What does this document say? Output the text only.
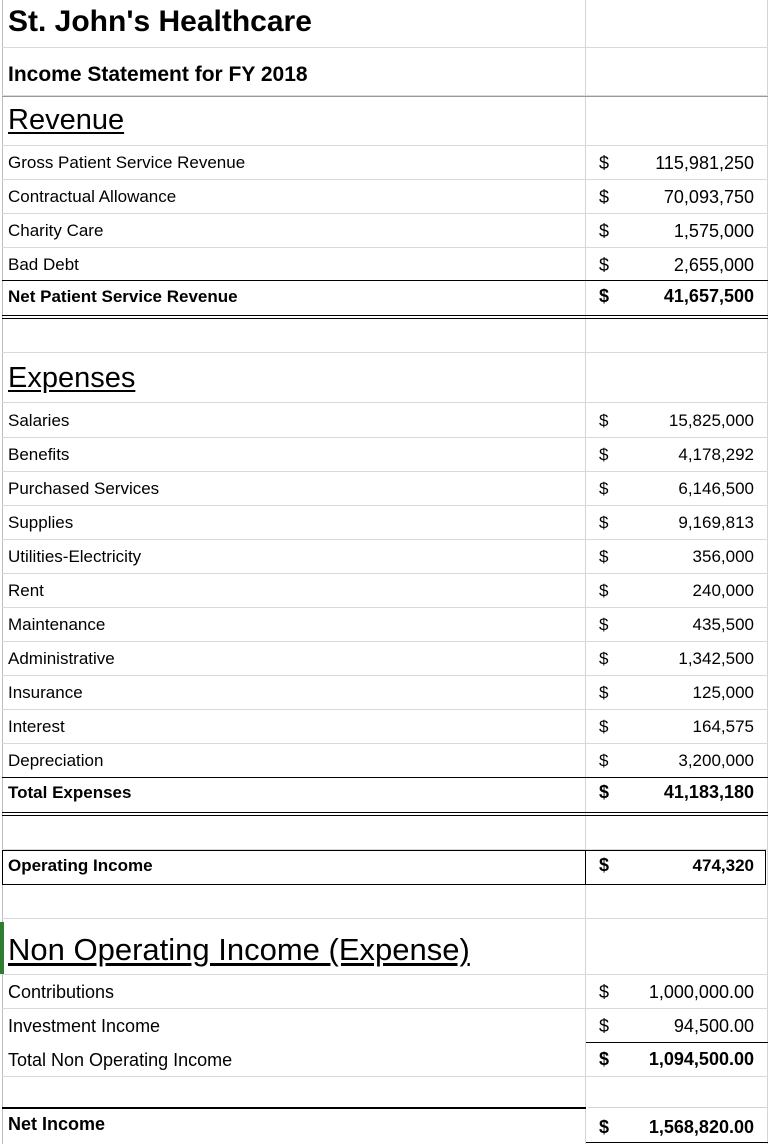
St. John's Healthcare
Income Statement for FY 2018
Revenue
Gross Patient Service Revenue	$	115,981,250
Contractual Allowance	$	70,093,750
Charity Care	$	1,575,000
Bad Debt	$	2,655,000
Net Patient Service Revenue	$	41,657,500
Expenses
Salaries	$	15,825,000
Benefits	$	4,178,292
Purchased Services	$	6,146,500
Supplies	$	9,169,813
Utilities-Electricity	$	356,000
Rent	$	240,000
Maintenance	$	435,500
Administrative	$	1,342,500
Insurance	$	125,000
Interest	$	164,575
Depreciation	$	3,200,000
Total Expenses	$	41,183,180
Operating Income	$	474,320
Non Operating Income (Expense)
Contributions	$ 1,000,000.00
Investment Income	$	94,500.00
Total Non Operating Income	$ 1,094,500.00
Net Income	$ 1,568,820.00
